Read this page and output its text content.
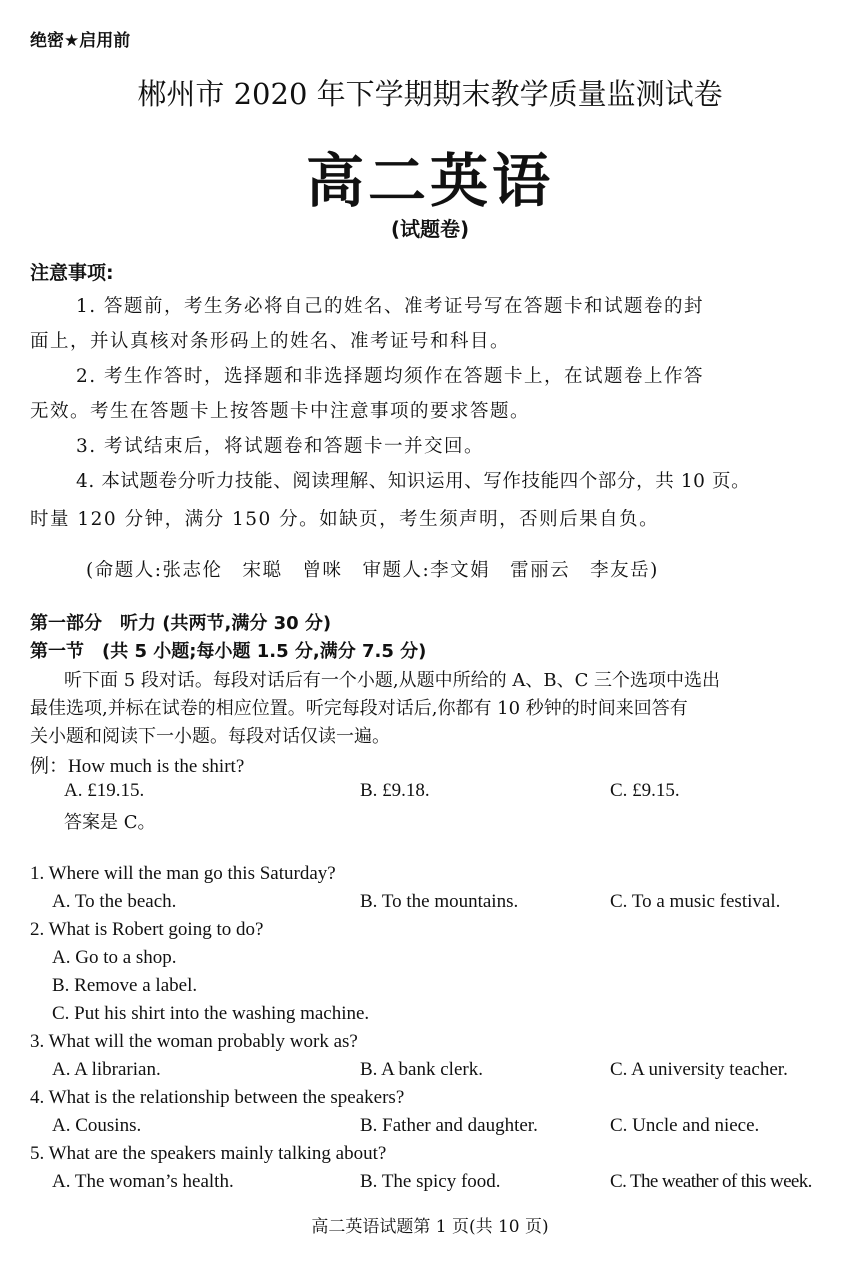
绝密★启用前
郴州市 2020 年下学期期末教学质量监测试卷
高二英语
(试题卷)
注意事项:
1. 答题前，考生务必将自己的姓名、准考证号写在答题卡和试题卷的封
面上，并认真核对条形码上的姓名、准考证号和科目。
2. 考生作答时，选择题和非选择题均须作在答题卡上，在试题卷上作答
无效。考生在答题卡上按答题卡中注意事项的要求答题。
3. 考试结束后，将试题卷和答题卡一并交回。
4. 本试题卷分听力技能、阅读理解、知识运用、写作技能四个部分，共 10 页。
时量 120 分钟，满分 150 分。如缺页，考生须声明，否则后果自负。
(命题人:张志伦　宋聪　曾咪　审题人:李文娟　雷丽云　李友岳)
第一部分　听力 (共两节,满分 30 分)
第一节　(共 5 小题;每小题 1.5 分,满分 7.5 分)
听下面 5 段对话。每段对话后有一个小题,从题中所给的 A、B、C 三个选项中选出
最佳选项,并标在试卷的相应位置。听完每段对话后,你都有 10 秒钟的时间来回答有
关小题和阅读下一小题。每段对话仅读一遍。
例：How much is the shirt?
A. £19.15.	B. £9.18.	C. £9.15.
答案是 C。
1. Where will the man go this Saturday?
A. To the beach.	B. To the mountains.	C. To a music festival.
2. What is Robert going to do?
A. Go to a shop.
B. Remove a label.
C. Put his shirt into the washing machine.
3. What will the woman probably work as?
A. A librarian.	B. A bank clerk.	C. A university teacher.
4. What is the relationship between the speakers?
A. Cousins.	B. Father and daughter.	C. Uncle and niece.
5. What are the speakers mainly talking about?
A. The woman’s health.	B. The spicy food.	C. The weather of this week.
高二英语试题第 1 页(共 10 页)
